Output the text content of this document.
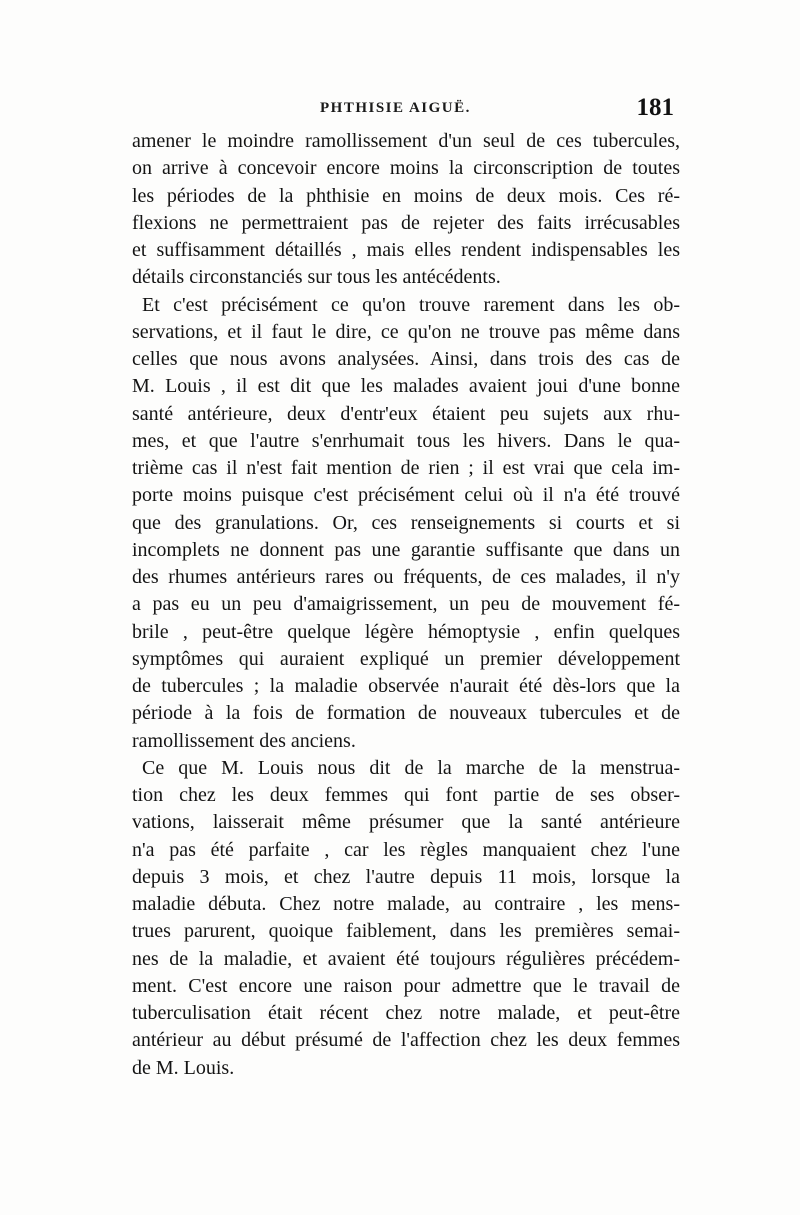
PHTHISIE AIGUË.	181
amener le moindre ramollissement d'un seul de ces tubercules,
on arrive à concevoir encore moins la circonscription de toutes
les périodes de la phthisie en moins de deux mois. Ces ré-
flexions ne permettraient pas de rejeter des faits irrécusables
et suffisamment détaillés , mais elles rendent indispensables les
détails circonstanciés sur tous les antécédents.
Et c'est précisément ce qu'on trouve rarement dans les ob-
servations, et il faut le dire, ce qu'on ne trouve pas même dans
celles que nous avons analysées. Ainsi, dans trois des cas de
M. Louis , il est dit que les malades avaient joui d'une bonne
santé antérieure, deux d'entr'eux étaient peu sujets aux rhu-
mes, et que l'autre s'enrhumait tous les hivers. Dans le qua-
trième cas il n'est fait mention de rien ; il est vrai que cela im-
porte moins puisque c'est précisément celui où il n'a été trouvé
que des granulations. Or, ces renseignements si courts et si
incomplets ne donnent pas une garantie suffisante que dans un
des rhumes antérieurs rares ou fréquents, de ces malades, il n'y
a pas eu un peu d'amaigrissement, un peu de mouvement fé-
brile , peut-être quelque légère hémoptysie , enfin quelques
symptômes qui auraient expliqué un premier développement
de tubercules ; la maladie observée n'aurait été dès-lors que la
période à la fois de formation de nouveaux tubercules et de
ramollissement des anciens.
Ce que M. Louis nous dit de la marche de la menstrua-
tion chez les deux femmes qui font partie de ses obser-
vations, laisserait même présumer que la santé antérieure
n'a pas été parfaite , car les règles manquaient chez l'une
depuis 3 mois, et chez l'autre depuis 11 mois, lorsque la
maladie débuta. Chez notre malade, au contraire , les mens-
trues parurent, quoique faiblement, dans les premières semai-
nes de la maladie, et avaient été toujours régulières précédem-
ment. C'est encore une raison pour admettre que le travail de
tuberculisation était récent chez notre malade, et peut-être
antérieur au début présumé de l'affection chez les deux femmes
de M. Louis.
